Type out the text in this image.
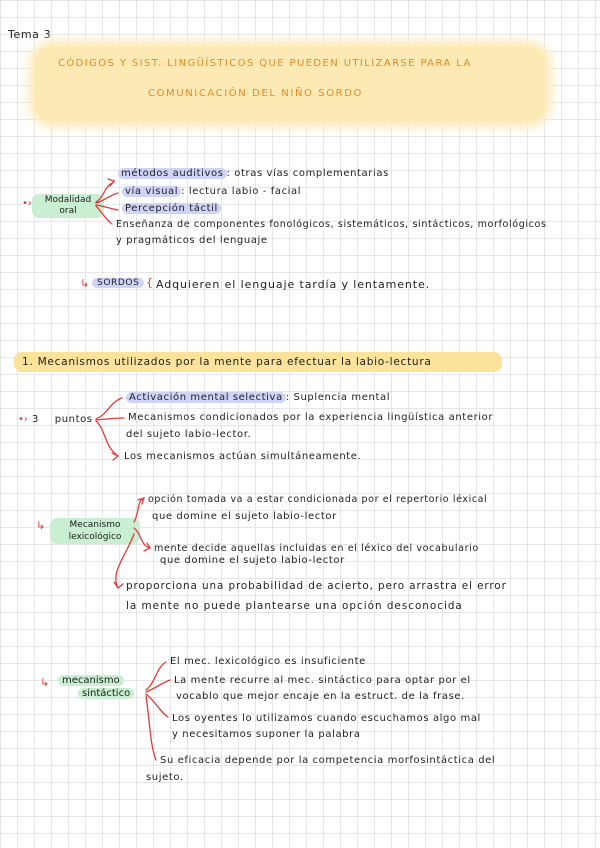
Tema 3
CÓDIGOS Y SIST. LINGÜÍSTICOS QUE PUEDEN UTILIZARSE PARA LA
COMUNICACIÓN DEL NIÑO SORDO
•›	Modalidad
oral
métodos auditivos : otras vías complementarias
vía visual : lectura labio - facial
Percepción táctil
Enseñanza de componentes fonológicos, sistemáticos, sintácticos, morfológicos
y pragmáticos del lenguaje
↳ SORDOS { Adquieren el lenguaje tardía y lentamente.
1. Mecanismos utilizados por la mente para efectuar la labio-lectura
•› 3 puntos
Activación mental selectiva : Suplencia mental
Mecanismos condicionados por la experiencia lingüística anterior
del sujeto labio-lector.
Los mecanismos actúan simultáneamente.
↳	Mecanismo
lexicológico
opción tomada va a estar condicionada por el repertorio léxical
que domine el sujeto labio-lector
mente decide aquellas incluidas en el léxico del vocabulario
que domine el sujeto labio-lector
proporciona una probabilidad de acierto, pero arrastra el error
la mente no puede plantearse una opción desconocida
↳	mecanismo
sintáctico
El mec. lexicológico es insuficiente
La mente recurre al mec. sintáctico para optar por el
vocablo que mejor encaje en la estruct. de la frase.
Los oyentes lo utilizamos cuando escuchamos algo mal
y necesitamos suponer la palabra
Su eficacia depende por la competencia morfosintáctica del
sujeto.
